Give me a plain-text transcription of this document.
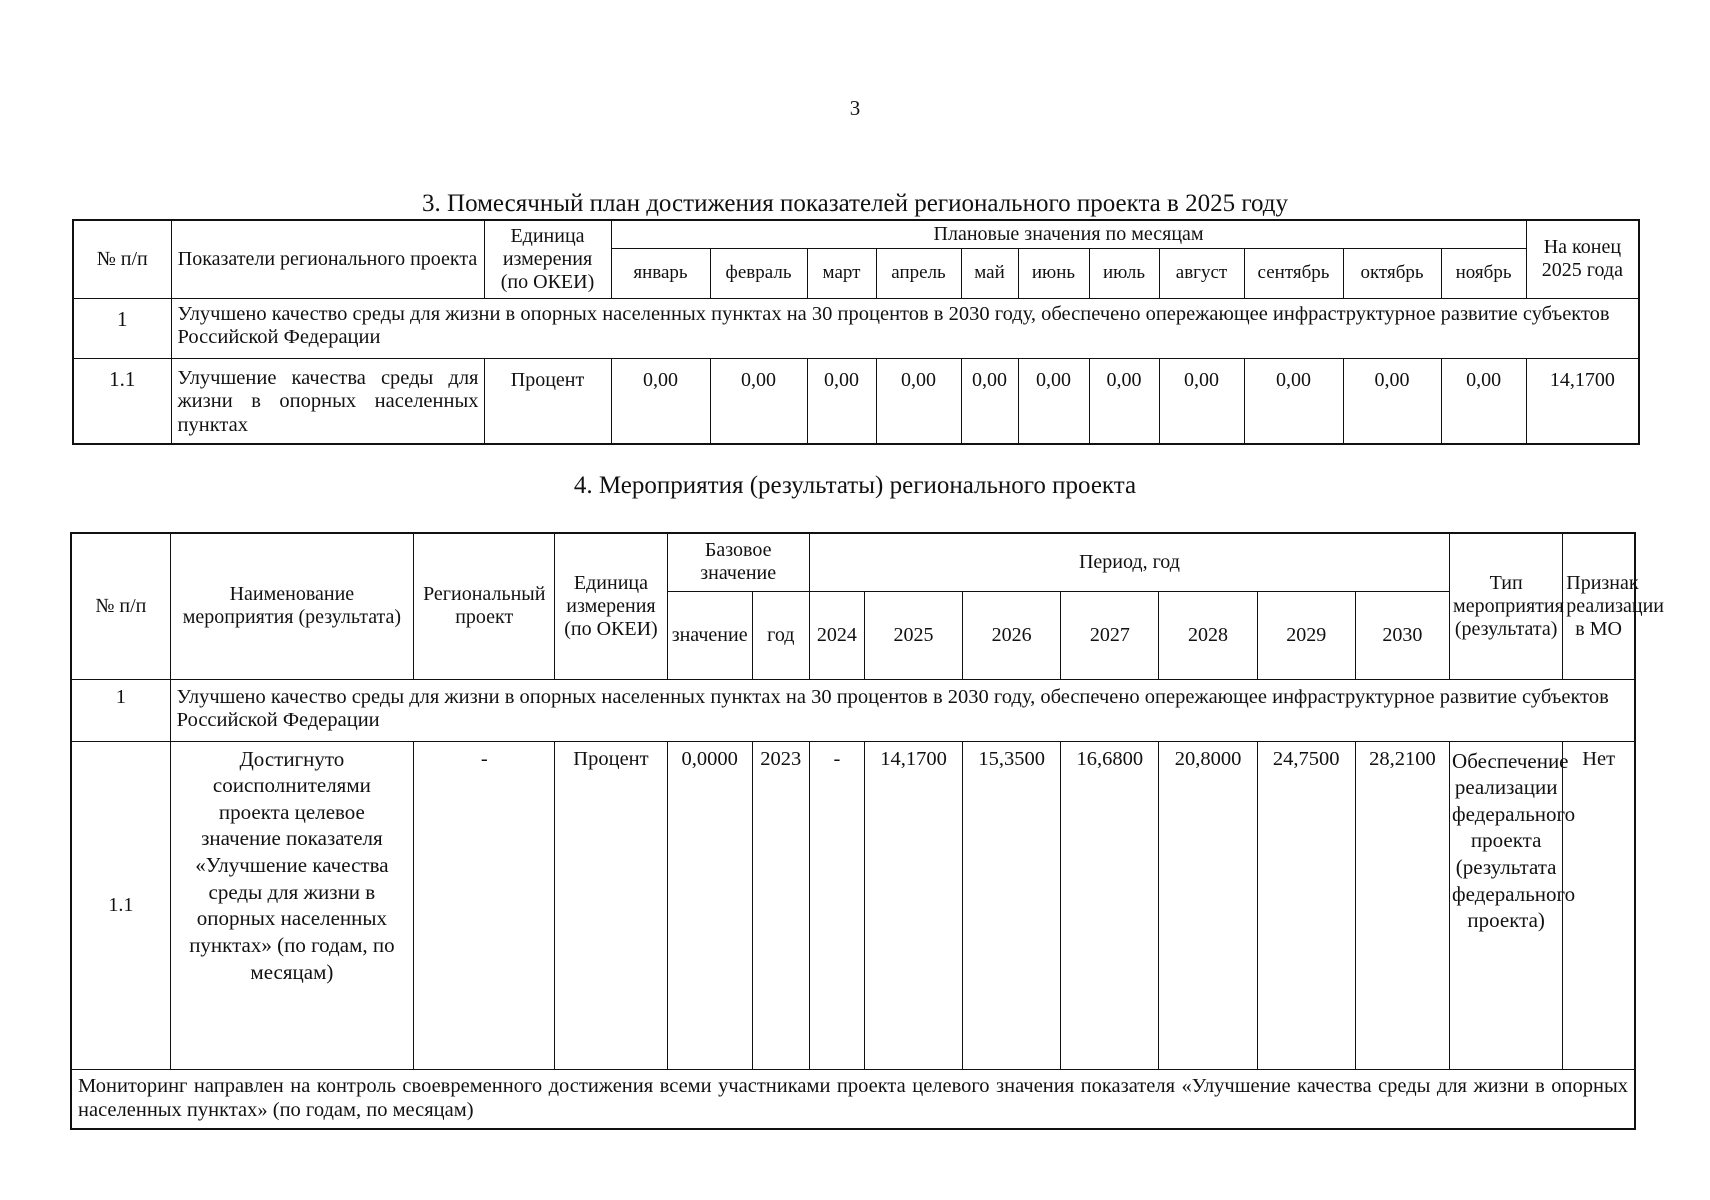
3
3. Помесячный план достижения показателей регионального проекта в 2025 году
№ п/п	Показатели регионального проекта	Единица измерения (по ОКЕИ)	Плановые значения по месяцам											На конец 2025 года
			январь	февраль	март	апрель	май	июнь	июль	август	сентябрь	октябрь	ноябрь	
1	Улучшено качество среды для жизни в опорных населенных пунктах на 30 процентов в 2030 году, обеспечено опережающее инфраструктурное развитие субъектов Российской Федерации													
1.1	Улучшение качества среды для жизни в опорных населенных пунктах	Процент	0,00	0,00	0,00	0,00	0,00	0,00	0,00	0,00	0,00	0,00	0,00	14,1700
4. Мероприятия (результаты) регионального проекта
№ п/п	Наименование мероприятия (результата)	Региональный проект	Единица измерения (по ОКЕИ)	Базовое значение		Период, год							Тип мероприятия (результата)	Признак реализации в МО
				значение	год	2024	2025	2026	2027	2028	2029	2030		
1	Улучшено качество среды для жизни в опорных населенных пунктах на 30 процентов в 2030 году, обеспечено опережающее инфраструктурное развитие субъектов Российской Федерации													
1.1	Достигнуто соисполнителями проекта целевое значение показателя «Улучшение качества среды для жизни в опорных населенных пунктах» (по годам, по месяцам)	-	Процент	0,0000	2023	-	14,1700	15,3500	16,6800	20,8000	24,7500	28,2100	Обеспечение реализации федерального проекта (результата федерального проекта)	Нет
Мониторинг направлен на контроль своевременного достижения всеми участниками проекта целевого значения показателя «Улучшение качества среды для жизни в опорных населенных пунктах» (по годам, по месяцам)														
